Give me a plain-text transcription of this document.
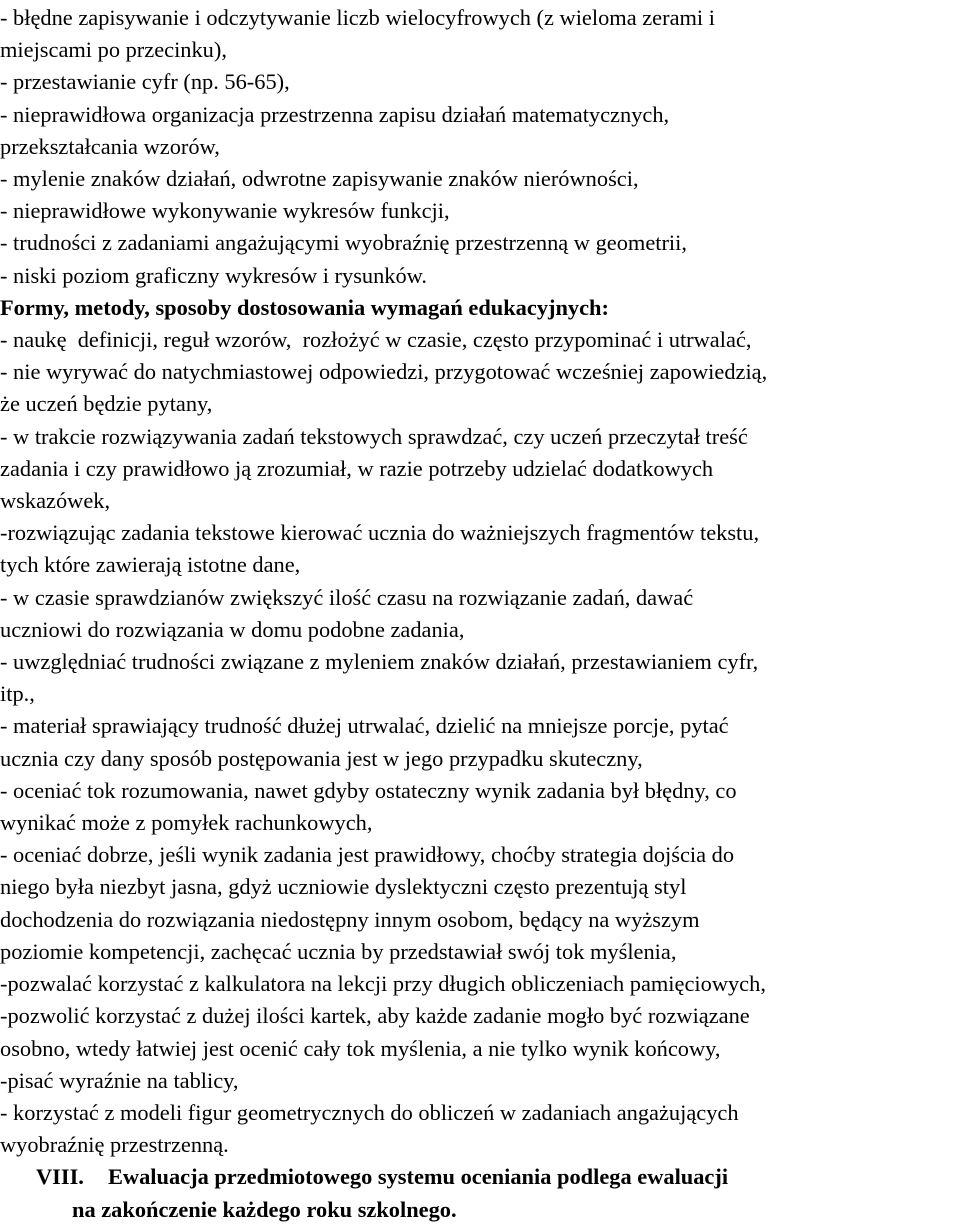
- błędne zapisywanie i odczytywanie liczb wielocyfrowych (z wieloma zerami i
miejscami po przecinku),
- przestawianie cyfr (np. 56-65),
- nieprawidłowa organizacja przestrzenna zapisu działań matematycznych,
przekształcania wzorów,
- mylenie znaków działań, odwrotne zapisywanie znaków nierówności,
- nieprawidłowe wykonywanie wykresów funkcji,
- trudności z zadaniami angażującymi wyobraźnię przestrzenną w geometrii,
- niski poziom graficzny wykresów i rysunków.
Formy, metody, sposoby dostosowania wymagań edukacyjnych:
- naukę  definicji, reguł wzorów,  rozłożyć w czasie, często przypominać i utrwalać,
- nie wyrywać do natychmiastowej odpowiedzi, przygotować wcześniej zapowiedzią,
że uczeń będzie pytany,
- w trakcie rozwiązywania zadań tekstowych sprawdzać, czy uczeń przeczytał treść
zadania i czy prawidłowo ją zrozumiał, w razie potrzeby udzielać dodatkowych
wskazówek,
-rozwiązując zadania tekstowe kierować ucznia do ważniejszych fragmentów tekstu,
tych które zawierają istotne dane,
- w czasie sprawdzianów zwiększyć ilość czasu na rozwiązanie zadań, dawać
uczniowi do rozwiązania w domu podobne zadania,
- uwzględniać trudności związane z myleniem znaków działań, przestawianiem cyfr,
itp.,
- materiał sprawiający trudność dłużej utrwalać, dzielić na mniejsze porcje, pytać
ucznia czy dany sposób postępowania jest w jego przypadku skuteczny,
- oceniać tok rozumowania, nawet gdyby ostateczny wynik zadania był błędny, co
wynikać może z pomyłek rachunkowych,
- oceniać dobrze, jeśli wynik zadania jest prawidłowy, choćby strategia dojścia do
niego była niezbyt jasna, gdyż uczniowie dyslektyczni często prezentują styl
dochodzenia do rozwiązania niedostępny innym osobom, będący na wyższym
poziomie kompetencji, zachęcać ucznia by przedstawiał swój tok myślenia,
-pozwalać korzystać z kalkulatora na lekcji przy długich obliczeniach pamięciowych,
-pozwolić korzystać z dużej ilości kartek, aby każde zadanie mogło być rozwiązane
osobno, wtedy łatwiej jest ocenić cały tok myślenia, a nie tylko wynik końcowy,
-pisać wyraźnie na tablicy,
- korzystać z modeli figur geometrycznych do obliczeń w zadaniach angażujących
wyobraźnię przestrzenną.
VIII. Ewaluacja przedmiotowego systemu oceniania podlega ewaluacji
na zakończenie każdego roku szkolnego.
